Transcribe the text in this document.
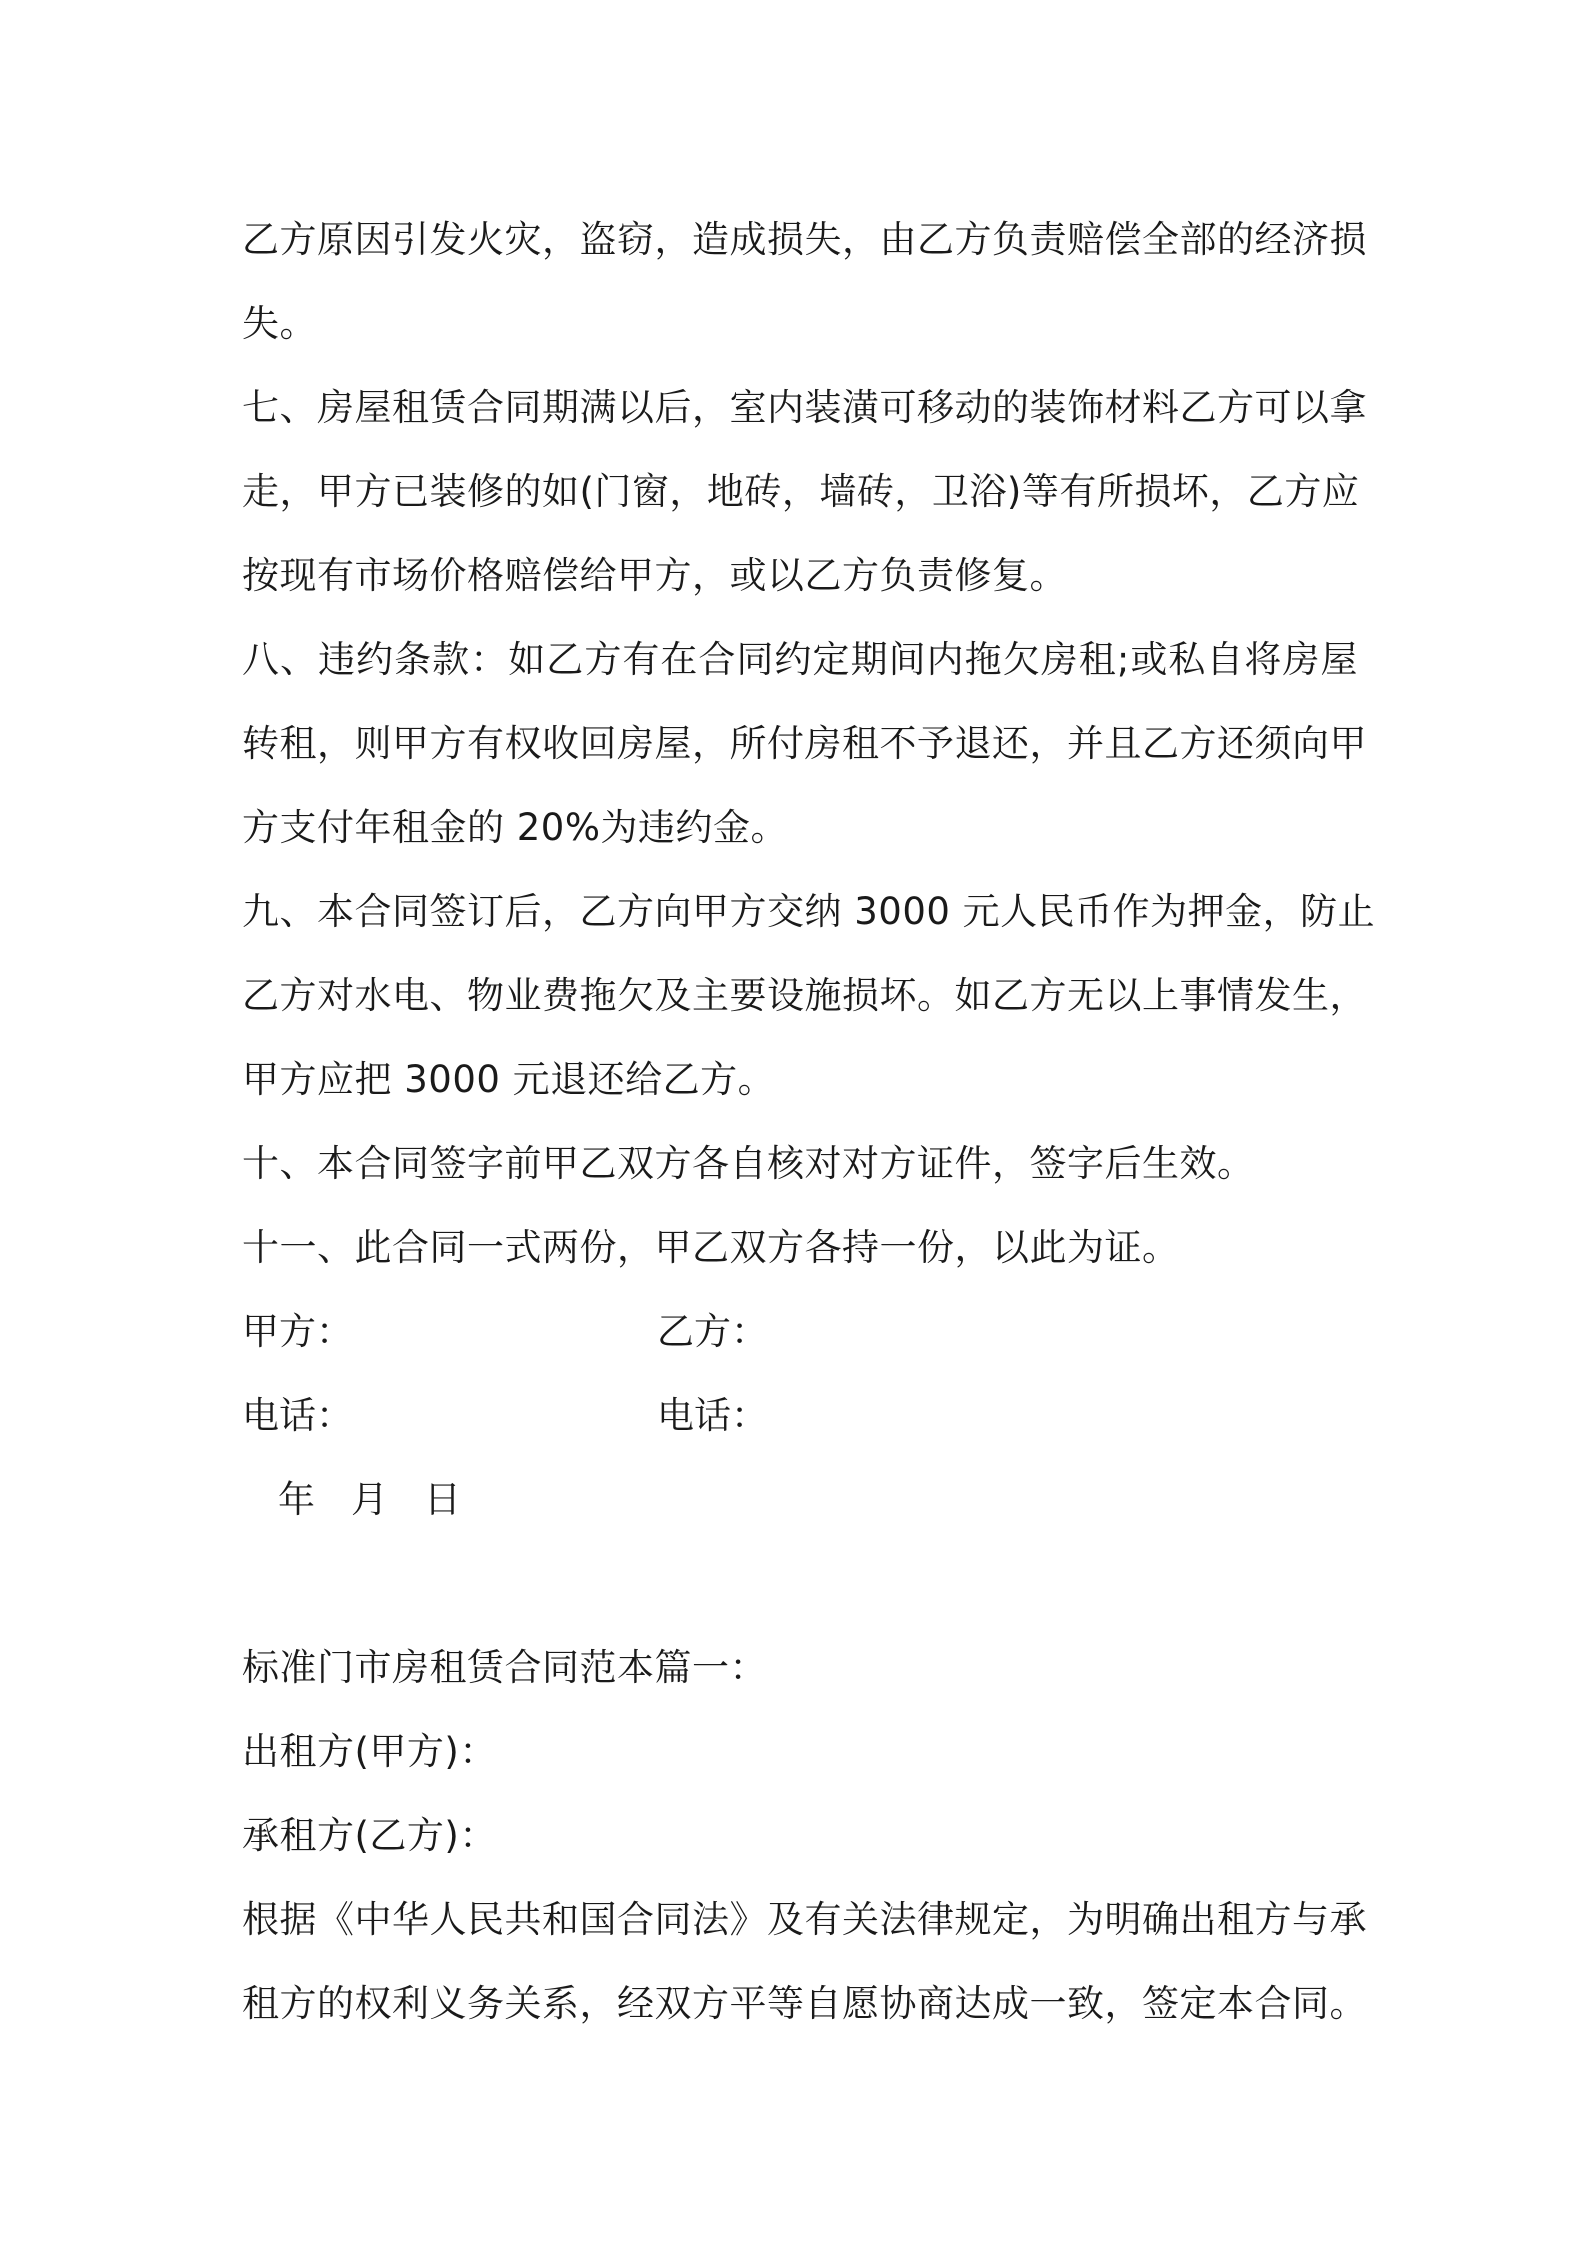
乙方原因引发火灾，盗窃，造成损失，由乙方负责赔偿全部的经济损
失。
七、房屋租赁合同期满以后，室内装潢可移动的装饰材料乙方可以拿
走，甲方已装修的如(门窗，地砖，墙砖，卫浴)等有所损坏，乙方应
按现有市场价格赔偿给甲方，或以乙方负责修复。
八、违约条款：如乙方有在合同约定期间内拖欠房租;或私自将房屋
转租，则甲方有权收回房屋，所付房租不予退还，并且乙方还须向甲
方支付年租金的 20%为违约金。
九、本合同签订后，乙方向甲方交纳 3000 元人民币作为押金，防止
乙方对水电、物业费拖欠及主要设施损坏。如乙方无以上事情发生，
甲方应把 3000 元退还给乙方。
十、本合同签字前甲乙双方各自核对对方证件，签字后生效。
十一、此合同一式两份，甲乙双方各持一份，以此为证。
甲方：	乙方：
电话：	电话：
年 月 日
标准门市房租赁合同范本篇一：
出租方(甲方)：
承租方(乙方)：
根据《中华人民共和国合同法》及有关法律规定，为明确出租方与承
租方的权利义务关系，经双方平等自愿协商达成一致，签定本合同。
